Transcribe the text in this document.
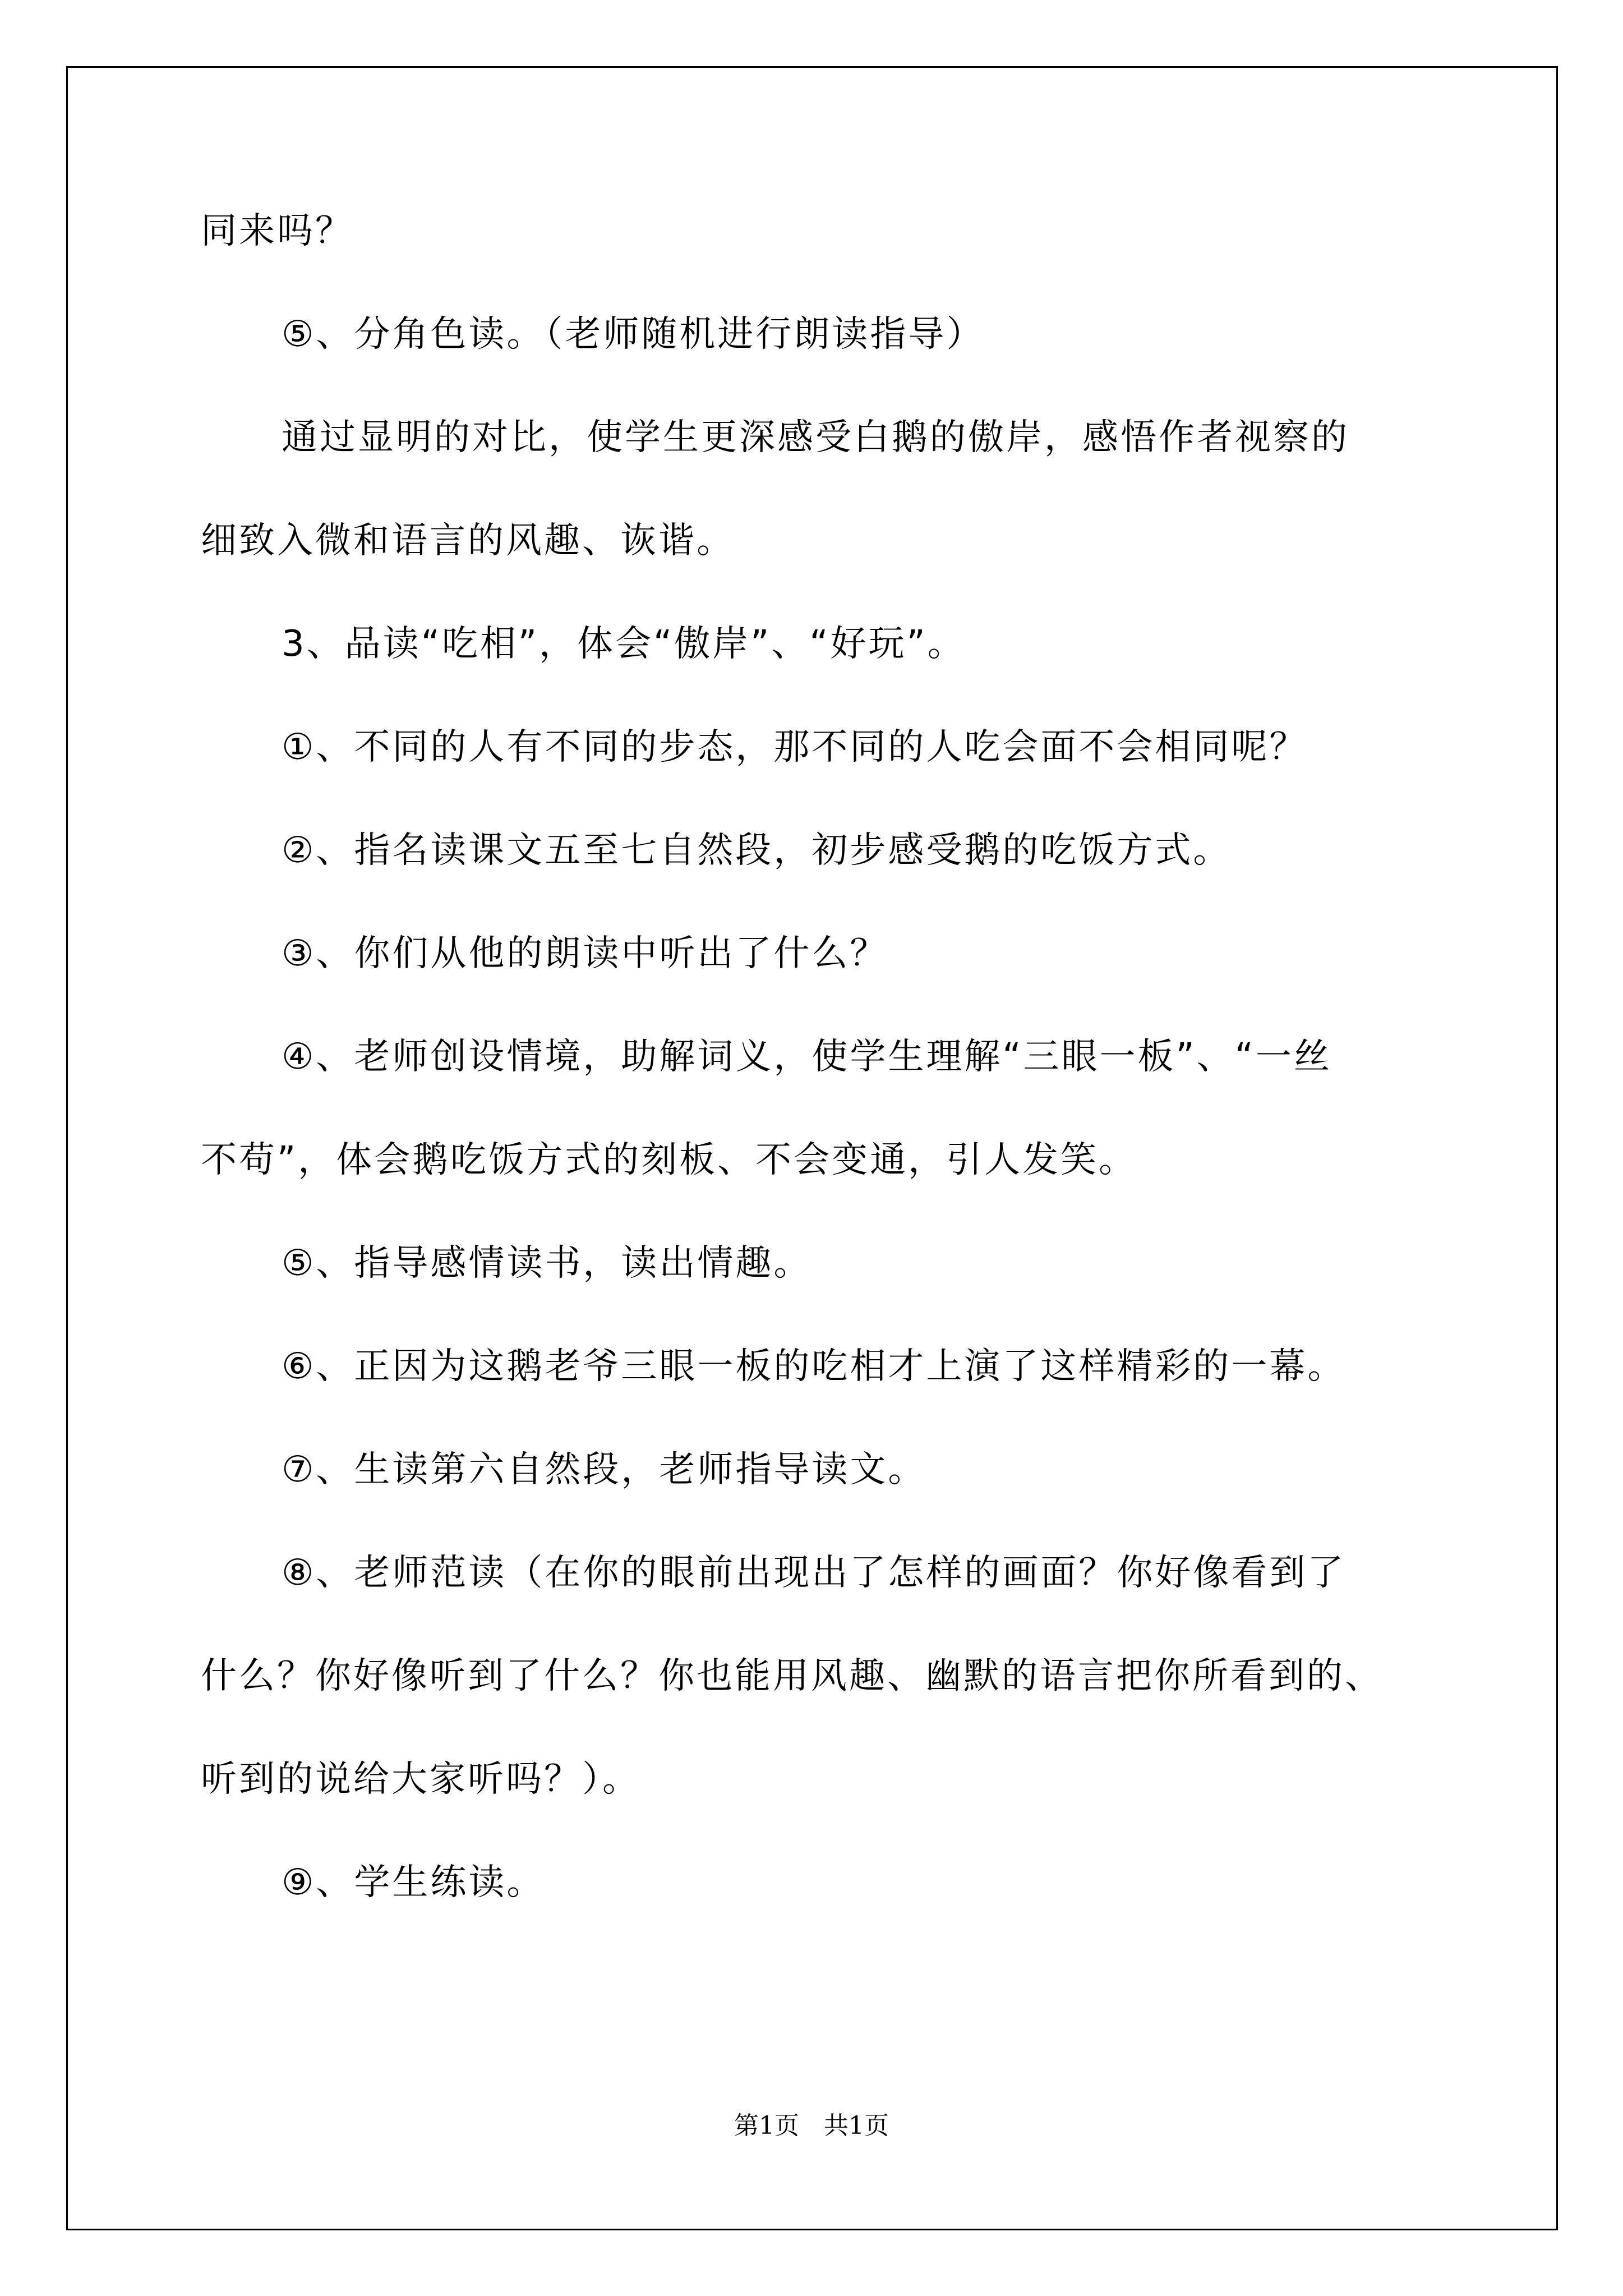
同来吗？
⑤、分角色读。（老师随机进行朗读指导）
通过显明的对比，使学生更深感受白鹅的傲岸，感悟作者视察的
细致入微和语言的风趣、诙谐。
3、品读“吃相”，体会“傲岸”、“好玩”。
①、不同的人有不同的步态，那不同的人吃会面不会相同呢？
②、指名读课文五至七自然段，初步感受鹅的吃饭方式。
③、你们从他的朗读中听出了什么？
④、老师创设情境，助解词义，使学生理解“三眼一板”、“一丝
不苟”，体会鹅吃饭方式的刻板、不会变通，引人发笑。
⑤、指导感情读书，读出情趣。
⑥、正因为这鹅老爷三眼一板的吃相才上演了这样精彩的一幕。
⑦、生读第六自然段，老师指导读文。
⑧、老师范读（在你的眼前出现出了怎样的画面？你好像看到了
什么？你好像听到了什么？你也能用风趣、幽默的语言把你所看到的、
听到的说给大家听吗？）。
⑨、学生练读。
第1页 共1页
